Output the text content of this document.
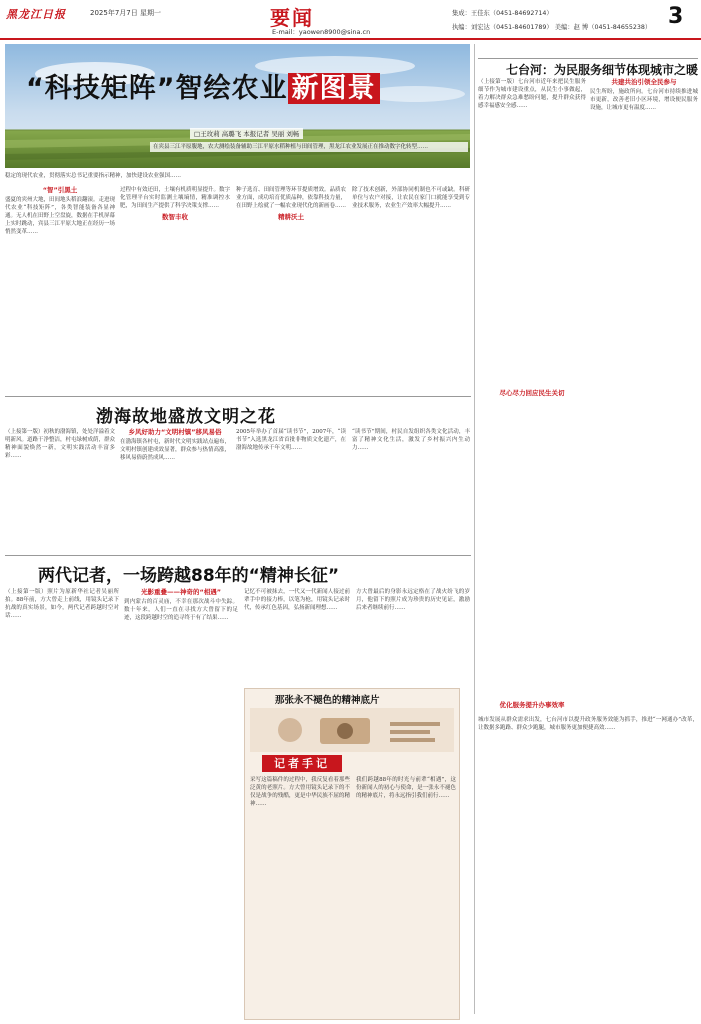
黑龙江日报	2025年7月7日 星期一	要闻
E-mail：yaowen8900@sina.cn
集成：王佳东（0451-84692714）
执编：刘宏达（0451-84601789） 美编：赵 博（0451-84655238） 3
“科技矩阵”智绘农业 新图景
□王玫莉 高璐飞 本报记者 吴丽 刘畅
在宾县三江平原腹地，农大测绘装备辅助三江平原水稻种植与田间管理，黑龙江农业发展正在推动数字化转型……
稳定的现代农业，贯彻落实总书记重要指示精神，加快建设农业强国……
“智”引黑土
盛夏的宾州大地，田间地头稻浪翻滚。走进现代农业“科技矩阵”，各类智能装备各显神通。无人机在田野上空盘旋，数据在手机屏幕上实时跳动，宾县三江平原大地正在经历一场悄然变革……
过程中有效还田，土壤有机质明显提升。数字化管理平台实时监测土壤墒情，精准调控水肥，为田间生产提供了科学决策支撑……
数智丰收
种子选育、田间管理等环节提质增效。品质农业方面，成功培育优质品种，依靠科技力量，在田野上绘就了一幅农业现代化的新画卷……
精耕沃土
除了技术创新，外部协同机制也不可或缺。科研单位与农户对接，让农民在家门口就能享受到专业技术服务，农业生产效率大幅提升……
七台河：为民服务细节体现城市之暖
（上接第一版）七台河市近年来把民生服务细节作为城市建设重点，从民生小事做起，着力解决群众急难愁盼问题，提升群众获得感幸福感安全感……
共建共治引领全民参与
民生所盼，施政所向。七台河市持续推进城市更新，改善老旧小区环境，增设便民服务设施，让城市更有温度……
尽心尽力回应民生关切
优化服务提升办事效率
城市发展从群众需求出发，七台河市以提升政务服务效能为抓手，推进“一网通办”改革，让数据多跑路、群众少跑腿，城市服务更加便捷高效……
渤海故地盛放文明之花
（上接第一版）初秋的渤海镇，处处洋溢着文明新风。道路干净整洁，村屯绿树成荫，群众精神面貌焕然一新，文明实践活动丰富多彩……
乡风好助力“文明村镇”移风易俗
在渤海镇各村屯，新时代文明实践站点遍布，文明村镇创建成效显著，群众参与热情高涨，移风易俗蔚然成风……
2005年举办了首届“读书节”，2007年，“读书节”入选黑龙江省首批非物质文化遗产，在渤海故地传承千年文明……
“读书节”期间，村民自发组织各类文化活动，丰富了精神文化生活，激发了乡村振兴内生动力……
两代记者，一场跨越88年的“精神长征”
（上接第一版）照片为原新华社记者吴丽所拍。88年前，方大曾走上前线，用镜头记录下抗战的真实场景，如今，两代记者跨越时空对话……
光影重叠——神奇的“相遇”
到内蒙古的百灵庙，不幸在那次战斗中失踪。数十年来，人们一直在寻找方大曾留下的足迹，这段跨越时空的追寻终于有了结果……
记忆不可被抹去，一代又一代新闻人接过前辈手中的接力棒，以笔为枪，用镜头记录时代，传承红色基因，弘扬新闻理想……
方大曾最后的身影永远定格在了战火纷飞的岁月，他留下的照片成为珍贵的历史见证，激励后来者继续前行……
那张永不褪色的精神底片
记者手记
采写这篇稿件的过程中，我反复看着那些泛黄的老照片。方大曾用镜头记录下的不仅是战争的残酷，更是中华民族不屈的精神……
我们跨越88年的时光与前辈“相遇”，这份新闻人的初心与使命，是一张永不褪色的精神底片，将永远指引我们前行……
